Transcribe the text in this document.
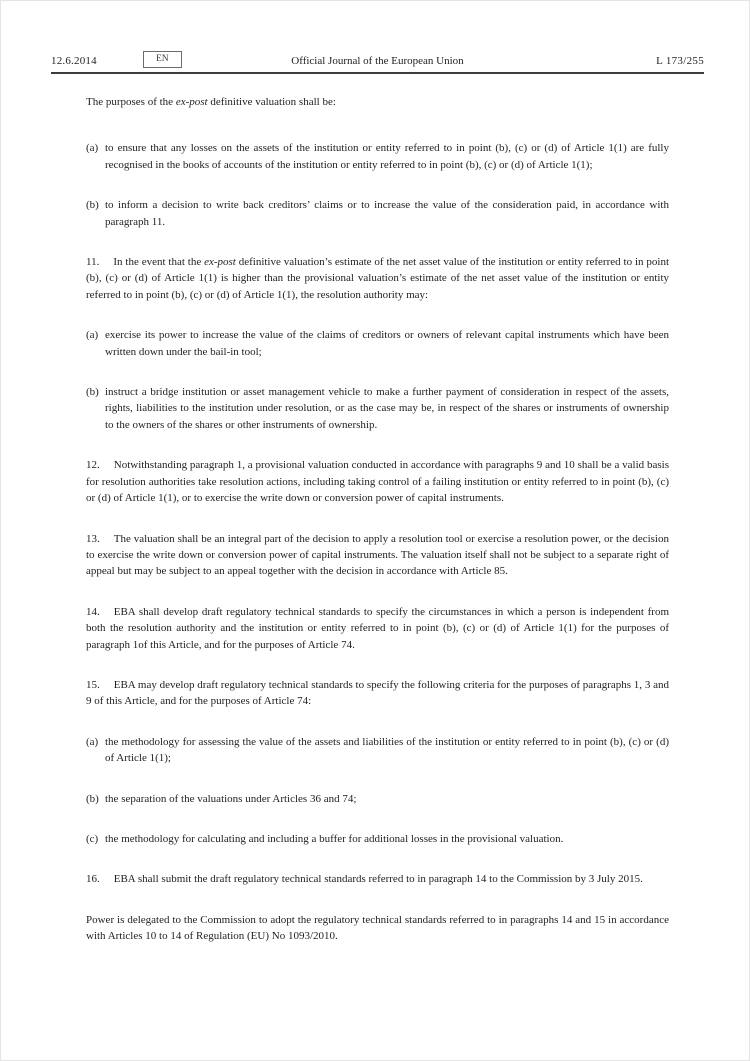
12.6.2014	EN	Official Journal of the European Union	L 173/255

The purposes of the ex-post definitive valuation shall be:

(a) to ensure that any losses on the assets of the institution or entity referred to in point (b), (c) or (d) of Article 1(1) are fully recognised in the books of accounts of the institution or entity referred to in point (b), (c) or (d) of Article 1(1);
(b) to inform a decision to write back creditors’ claims or to increase the value of the consideration paid, in accordance with paragraph 11.

11. In the event that the ex-post definitive valuation’s estimate of the net asset value of the institution or entity referred to in point (b), (c) or (d) of Article 1(1) is higher than the provisional valuation’s estimate of the net asset value of the institution or entity referred to in point (b), (c) or (d) of Article 1(1), the resolution authority may:

(a) exercise its power to increase the value of the claims of creditors or owners of relevant capital instruments which have been written down under the bail-in tool;
(b) instruct a bridge institution or asset management vehicle to make a further payment of consideration in respect of the assets, rights, liabilities to the institution under resolution, or as the case may be, in respect of the shares or instruments of ownership to the owners of the shares or other instruments of ownership.

12. Notwithstanding paragraph 1, a provisional valuation conducted in accordance with paragraphs 9 and 10 shall be a valid basis for resolution authorities take resolution actions, including taking control of a failing institution or entity referred to in point (b), (c) or (d) of Article 1(1), or to exercise the write down or conversion power of capital instruments.

13. The valuation shall be an integral part of the decision to apply a resolution tool or exercise a resolution power, or the decision to exercise the write down or conversion power of capital instruments. The valuation itself shall not be subject to a separate right of appeal but may be subject to an appeal together with the decision in accordance with Article 85.

14. EBA shall develop draft regulatory technical standards to specify the circumstances in which a person is independent from both the resolution authority and the institution or entity referred to in point (b), (c) or (d) of Article 1(1) for the purposes of paragraph 1of this Article, and for the purposes of Article 74.

15. EBA may develop draft regulatory technical standards to specify the following criteria for the purposes of paragraphs 1, 3 and 9 of this Article, and for the purposes of Article 74:

(a) the methodology for assessing the value of the assets and liabilities of the institution or entity referred to in point (b), (c) or (d) of Article 1(1);
(b) the separation of the valuations under Articles 36 and 74;
(c) the methodology for calculating and including a buffer for additional losses in the provisional valuation.

16. EBA shall submit the draft regulatory technical standards referred to in paragraph 14 to the Commission by 3 July 2015.

Power is delegated to the Commission to adopt the regulatory technical standards referred to in paragraphs 14 and 15 in accordance with Articles 10 to 14 of Regulation (EU) No 1093/2010.
